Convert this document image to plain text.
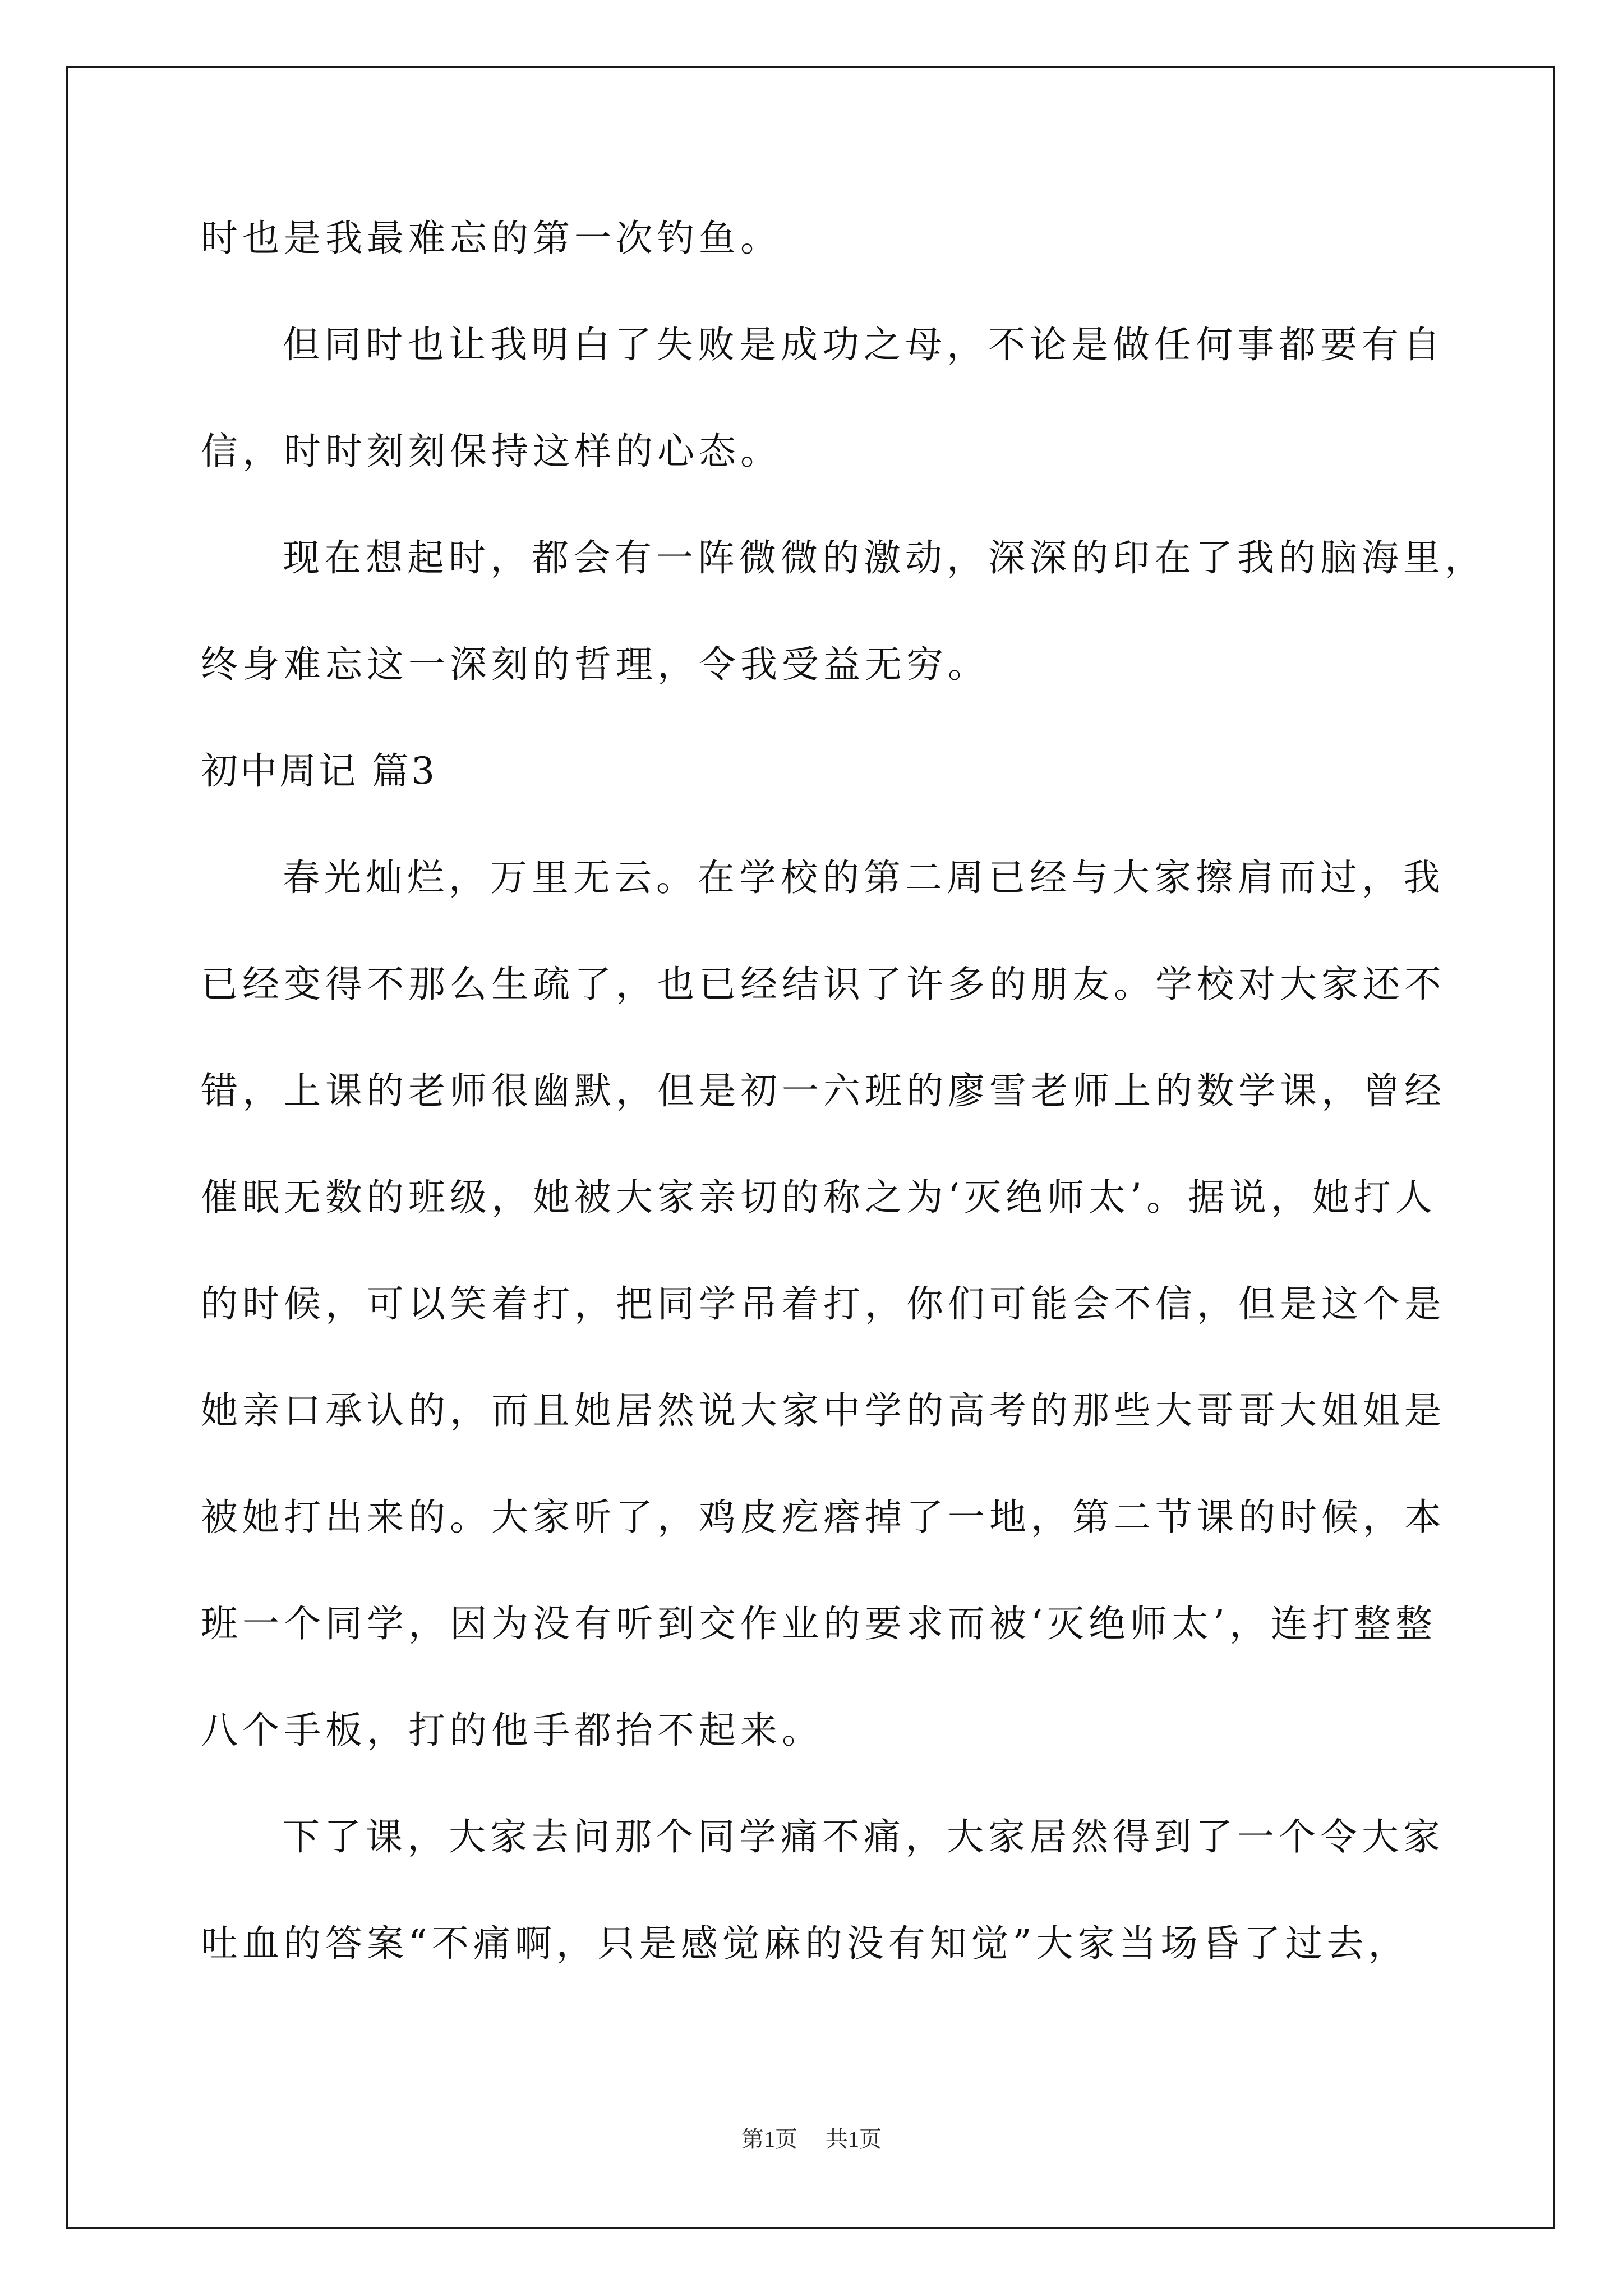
时也是我最难忘的第一次钓鱼。
但同时也让我明白了失败是成功之母，不论是做任何事都要有自
信，时时刻刻保持这样的心态。
现在想起时，都会有一阵微微的激动，深深的印在了我的脑海里，
终身难忘这一深刻的哲理，令我受益无穷。
初中周记 篇3
春光灿烂，万里无云。在学校的第二周已经与大家擦肩而过，我
已经变得不那么生疏了，也已经结识了许多的朋友。学校对大家还不
错，上课的老师很幽默，但是初一六班的廖雪老师上的数学课，曾经
催眠无数的班级，她被大家亲切的称之为‘灭绝师太’。据说，她打人
的时候，可以笑着打，把同学吊着打，你们可能会不信，但是这个是
她亲口承认的，而且她居然说大家中学的高考的那些大哥哥大姐姐是
被她打出来的。大家听了，鸡皮疙瘩掉了一地，第二节课的时候，本
班一个同学，因为没有听到交作业的要求而被‘灭绝师太’，连打整整
八个手板，打的他手都抬不起来。
下了课，大家去问那个同学痛不痛，大家居然得到了一个令大家
吐血的答案“不痛啊，只是感觉麻的没有知觉”大家当场昏了过去，
第1页 共1页
